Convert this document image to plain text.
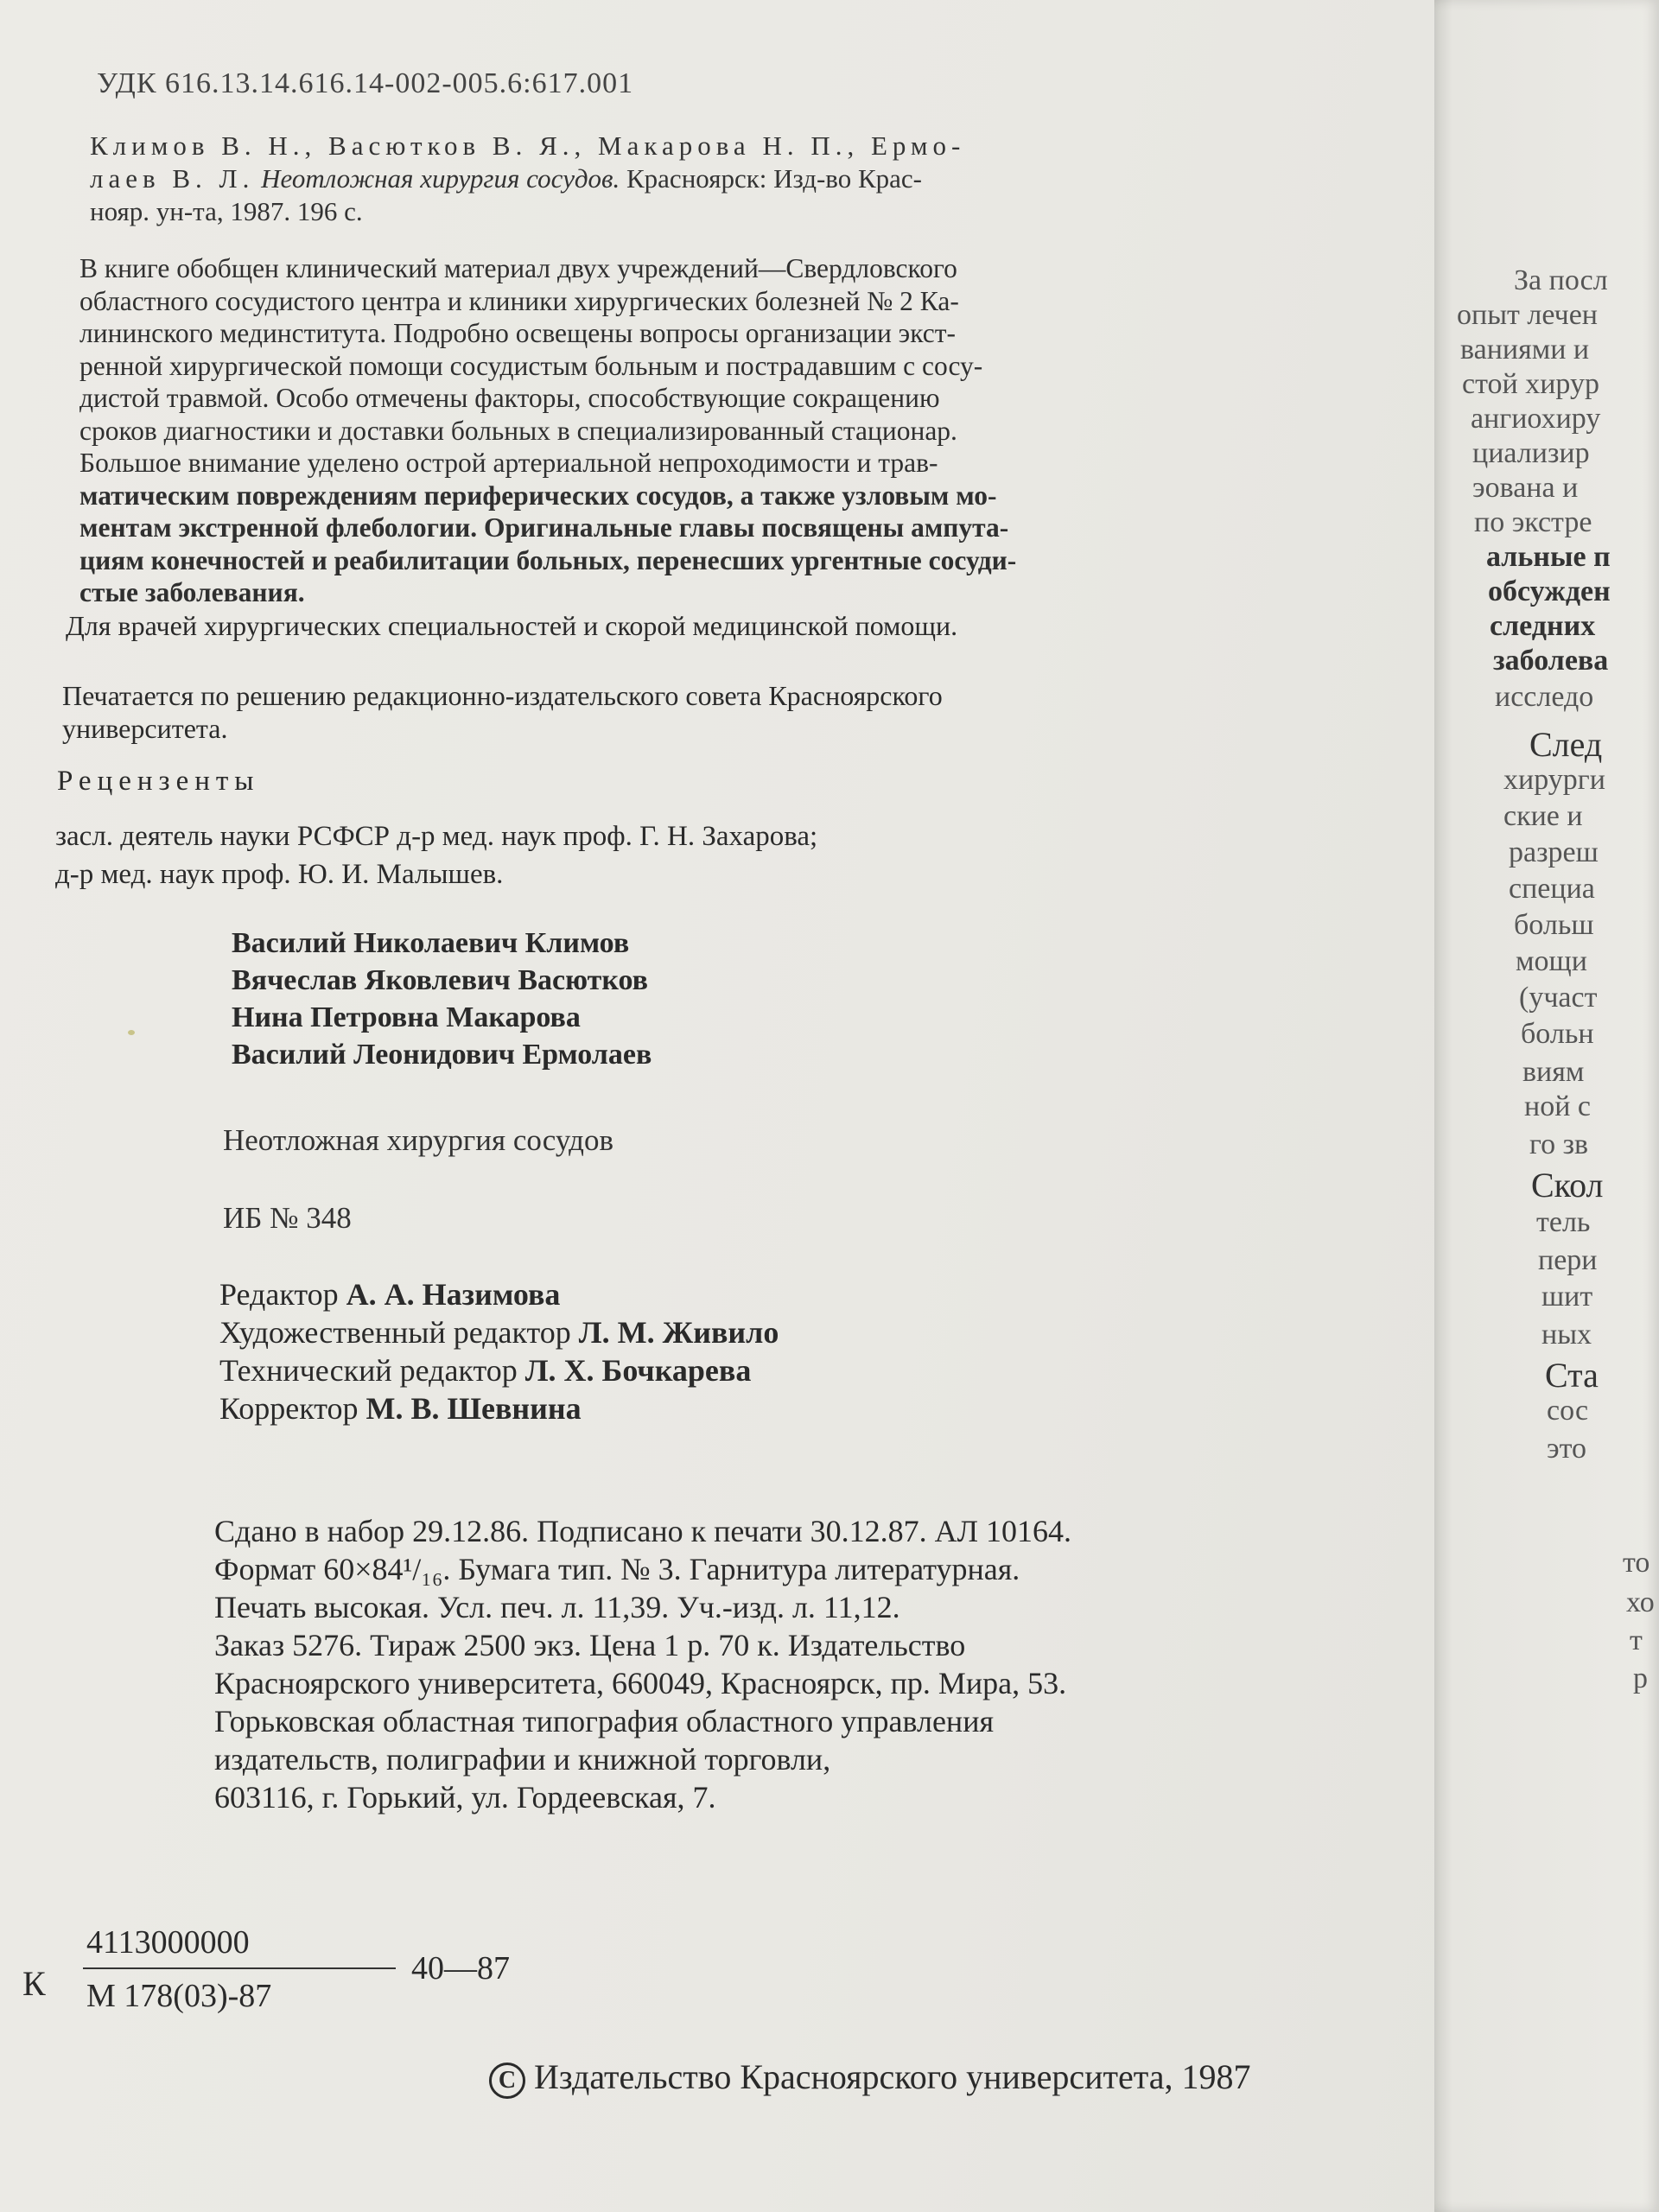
УДК 616.13.14.616.14-002-005.6:617.001

Климов В. Н., Васютков В. Я., Макарова Н. П., Ермо-
лаев В. Л. Неотложная хирургия сосудов. Красноярск: Изд-во Крас-
нояр. ун-та, 1987. 196 с.
В книге обобщен клинический материал двух учреждений—Свердловского
областного сосудистого центра и клиники хирургических болезней № 2 Ка-
лининского мединститута. Подробно освещены вопросы организации экст-
ренной хирургической помощи сосудистым больным и пострадавшим с сосу-
дистой травмой. Особо отмечены факторы, способствующие сокращению
сроков диагностики и доставки больных в специализированный стационар.
Большое внимание уделено острой артериальной непроходимости и трав-
матическим повреждениям периферических сосудов, а также узловым мо-
ментам экстренной флебологии. Оригинальные главы посвящены ампута-
циям конечностей и реабилитации больных, перенесших ургентные сосуди-
стые заболевания.

Для врачей хирургических специальностей и скорой медицинской помощи.

Печатается по решению редакционно-издательского совета Красноярского
университета.

Рецензенты

засл. деятель науки РСФСР д-р мед. наук проф. Г. Н. Захарова;
д-р мед. наук проф. Ю. И. Малышев.
Василий Николаевич Климов
Вячеслав Яковлевич Васютков
Нина Петровна Макарова
Василий Леонидович Ермолаев

Неотложная хирургия сосудов

ИБ № 348

Редактор А. А. Назимова
Художественный редактор Л. М. Живило
Технический редактор Л. Х. Бочкарева
Корректор М. В. Шевнина
Сдано в набор 29.12.86. Подписано к печати 30.12.87. АЛ 10164.
Формат 60×84¹/₁₆. Бумага тип. № 3. Гарнитура литературная.
Печать высокая. Усл. печ. л. 11,39. Уч.-изд. л. 11,12.
Заказ 5276. Тираж 2500 экз. Цена 1 р. 70 к. Издательство
Красноярского университета, 660049, Красноярск, пр. Мира, 53.
Горьковская областная типография областного управления
издательств, полиграфии и книжной торговли,
603116, г. Горький, ул. Гордеевская, 7.
К
4113000000
М 178(03)-87
40—87

C Издательство Красноярского университета, 1987

За посл
опыт лечен
ваниями и
стой хирур
ангиохиру
циализир
эована и
по экстре
альные п
обсужден
следних
заболева
исследо
След
хирурги
ские и
разреш
специа
больш
мощи
(участ
больн
виям
ной с
го зв
Скол
тель
пери
шит
ных
Ста
сос
это
то
хо
т
р
